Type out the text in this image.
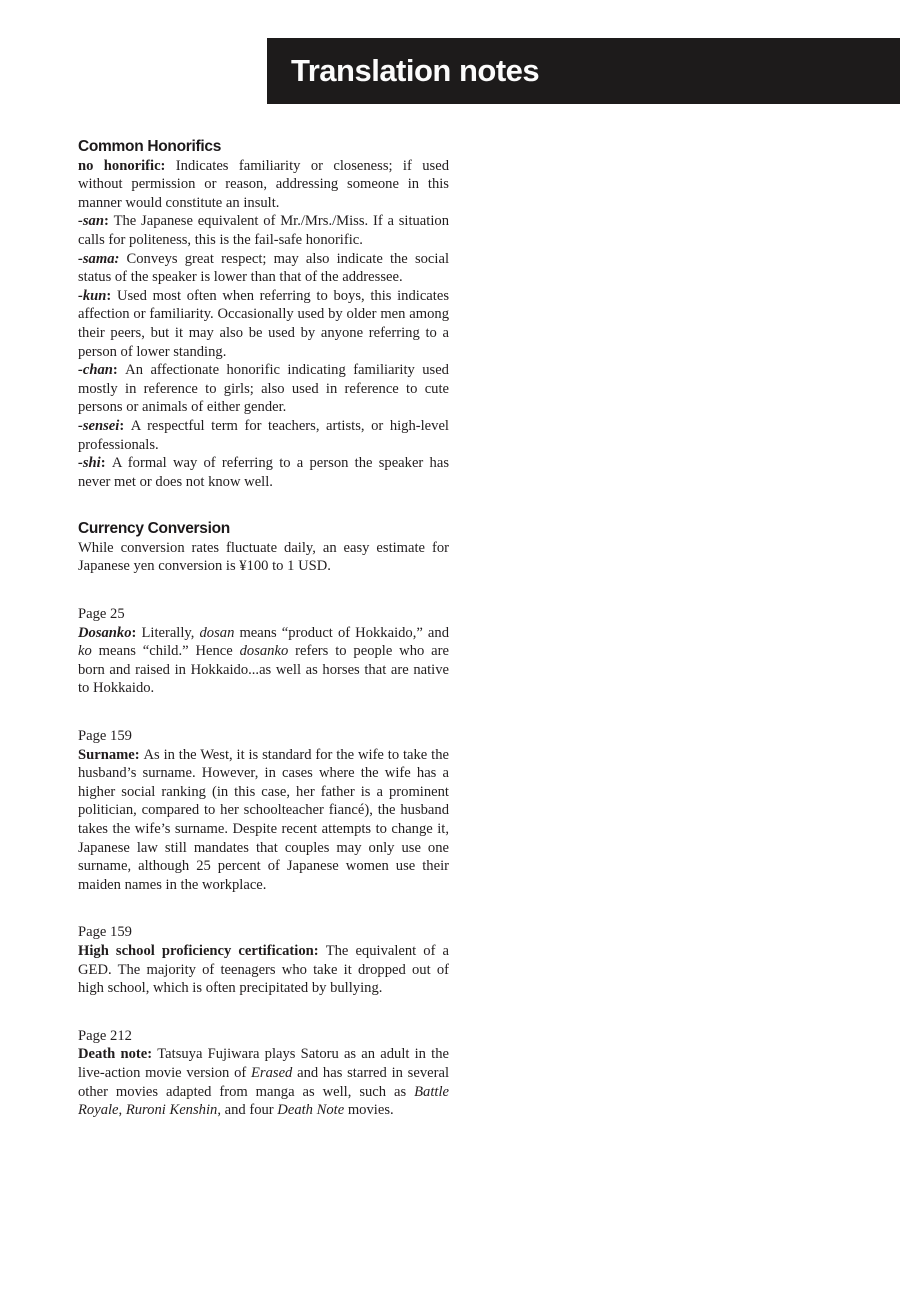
Translation notes
Common Honorifics

no honorific: Indicates familiarity or closeness; if used without permission or reason, addressing someone in this manner would constitute an insult.

-san: The Japanese equivalent of Mr./Mrs./Miss. If a situation calls for politeness, this is the fail-safe honorific.

-sama: Conveys great respect; may also indicate the social status of the speaker is lower than that of the addressee.

-kun: Used most often when referring to boys, this indicates affection or familiarity. Occasionally used by older men among their peers, but it may also be used by anyone referring to a person of lower standing.

-chan: An affectionate honorific indicating familiarity used mostly in reference to girls; also used in reference to cute persons or animals of either gender.

-sensei: A respectful term for teachers, artists, or high-level professionals.

-shi: A formal way of referring to a person the speaker has never met or does not know well.

Currency Conversion

While conversion rates fluctuate daily, an easy estimate for Japanese yen conversion is ¥100 to 1 USD.

Page 25

Dosanko: Literally, dosan means “product of Hokkaido,” and ko means “child.” Hence dosanko refers to people who are born and raised in Hokkaido...as well as horses that are native to Hokkaido.

Page 159

Surname: As in the West, it is standard for the wife to take the husband’s surname. However, in cases where the wife has a higher social ranking (in this case, her father is a prominent politician, compared to her schoolteacher fiancé), the husband takes the wife’s surname. Despite recent attempts to change it, Japanese law still mandates that couples may only use one surname, although 25 percent of Japanese women use their maiden names in the workplace.

Page 159

High school proficiency certification: The equivalent of a GED. The majority of teenagers who take it dropped out of high school, which is often precipitated by bullying.

Page 212

Death note: Tatsuya Fujiwara plays Satoru as an adult in the live-action movie version of Erased and has starred in several other movies adapted from manga as well, such as Battle Royale, Ruroni Kenshin, and four Death Note movies.
